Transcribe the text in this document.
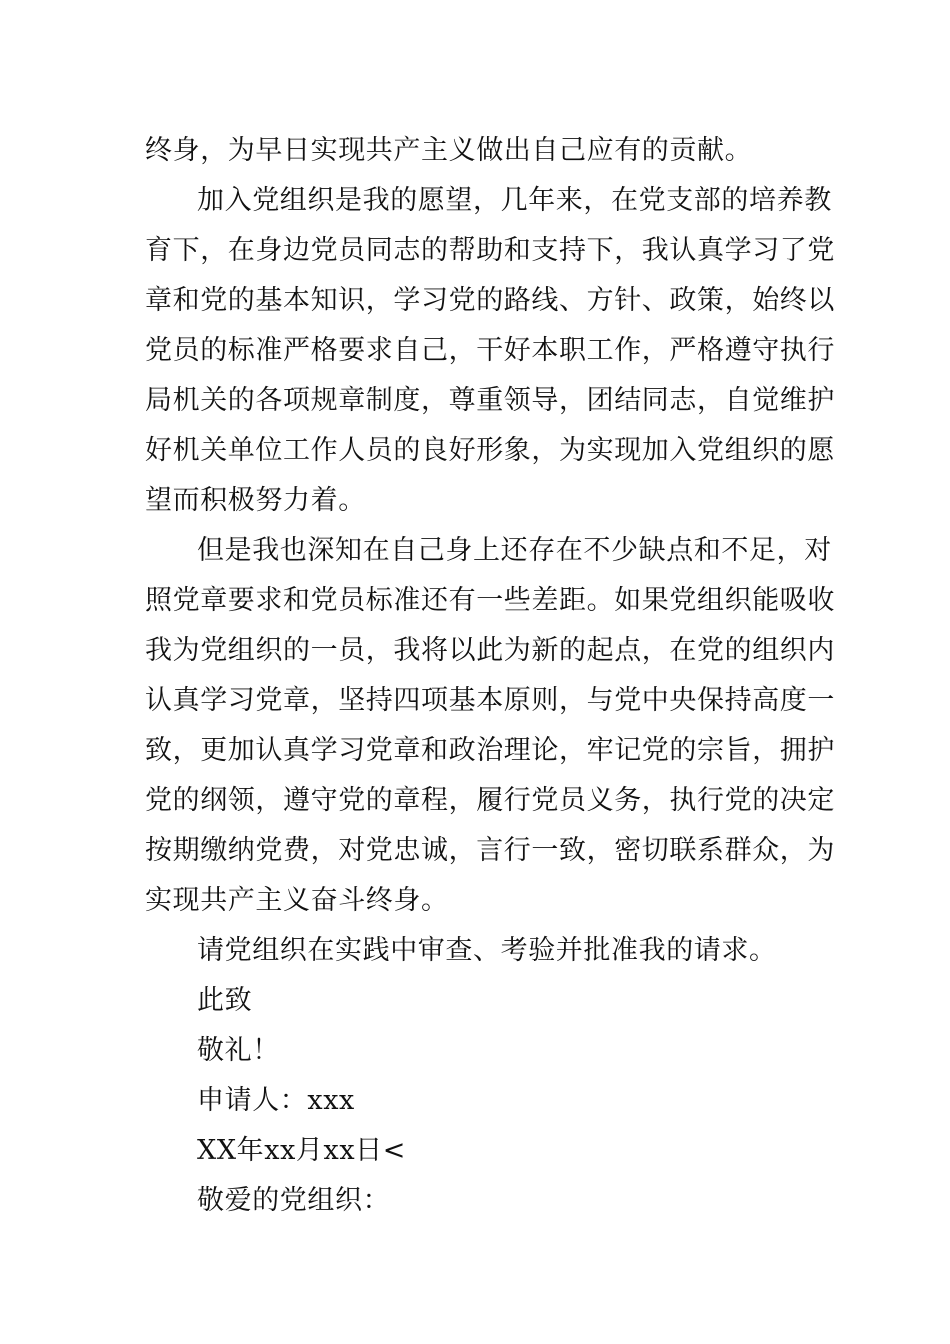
终身，为早日实现共产主义做出自己应有的贡献。
加入党组织是我的愿望，几年来，在党支部的培养教
育下，在身边党员同志的帮助和支持下，我认真学习了党
章和党的基本知识，学习党的路线、方针、政策，始终以
党员的标准严格要求自己，干好本职工作，严格遵守执行
局机关的各项规章制度，尊重领导，团结同志，自觉维护
好机关单位工作人员的良好形象，为实现加入党组织的愿
望而积极努力着。
但是我也深知在自己身上还存在不少缺点和不足，对
照党章要求和党员标准还有一些差距。如果党组织能吸收
我为党组织的一员，我将以此为新的起点，在党的组织内
认真学习党章，坚持四项基本原则，与党中央保持高度一
致，更加认真学习党章和政治理论，牢记党的宗旨，拥护
党的纲领，遵守党的章程，履行党员义务，执行党的决定
按期缴纳党费，对党忠诚，言行一致，密切联系群众，为
实现共产主义奋斗终身。
请党组织在实践中审查、考验并批准我的请求。
此致
敬礼！
申请人：xxx
XX年xx月xx日<
敬爱的党组织：
